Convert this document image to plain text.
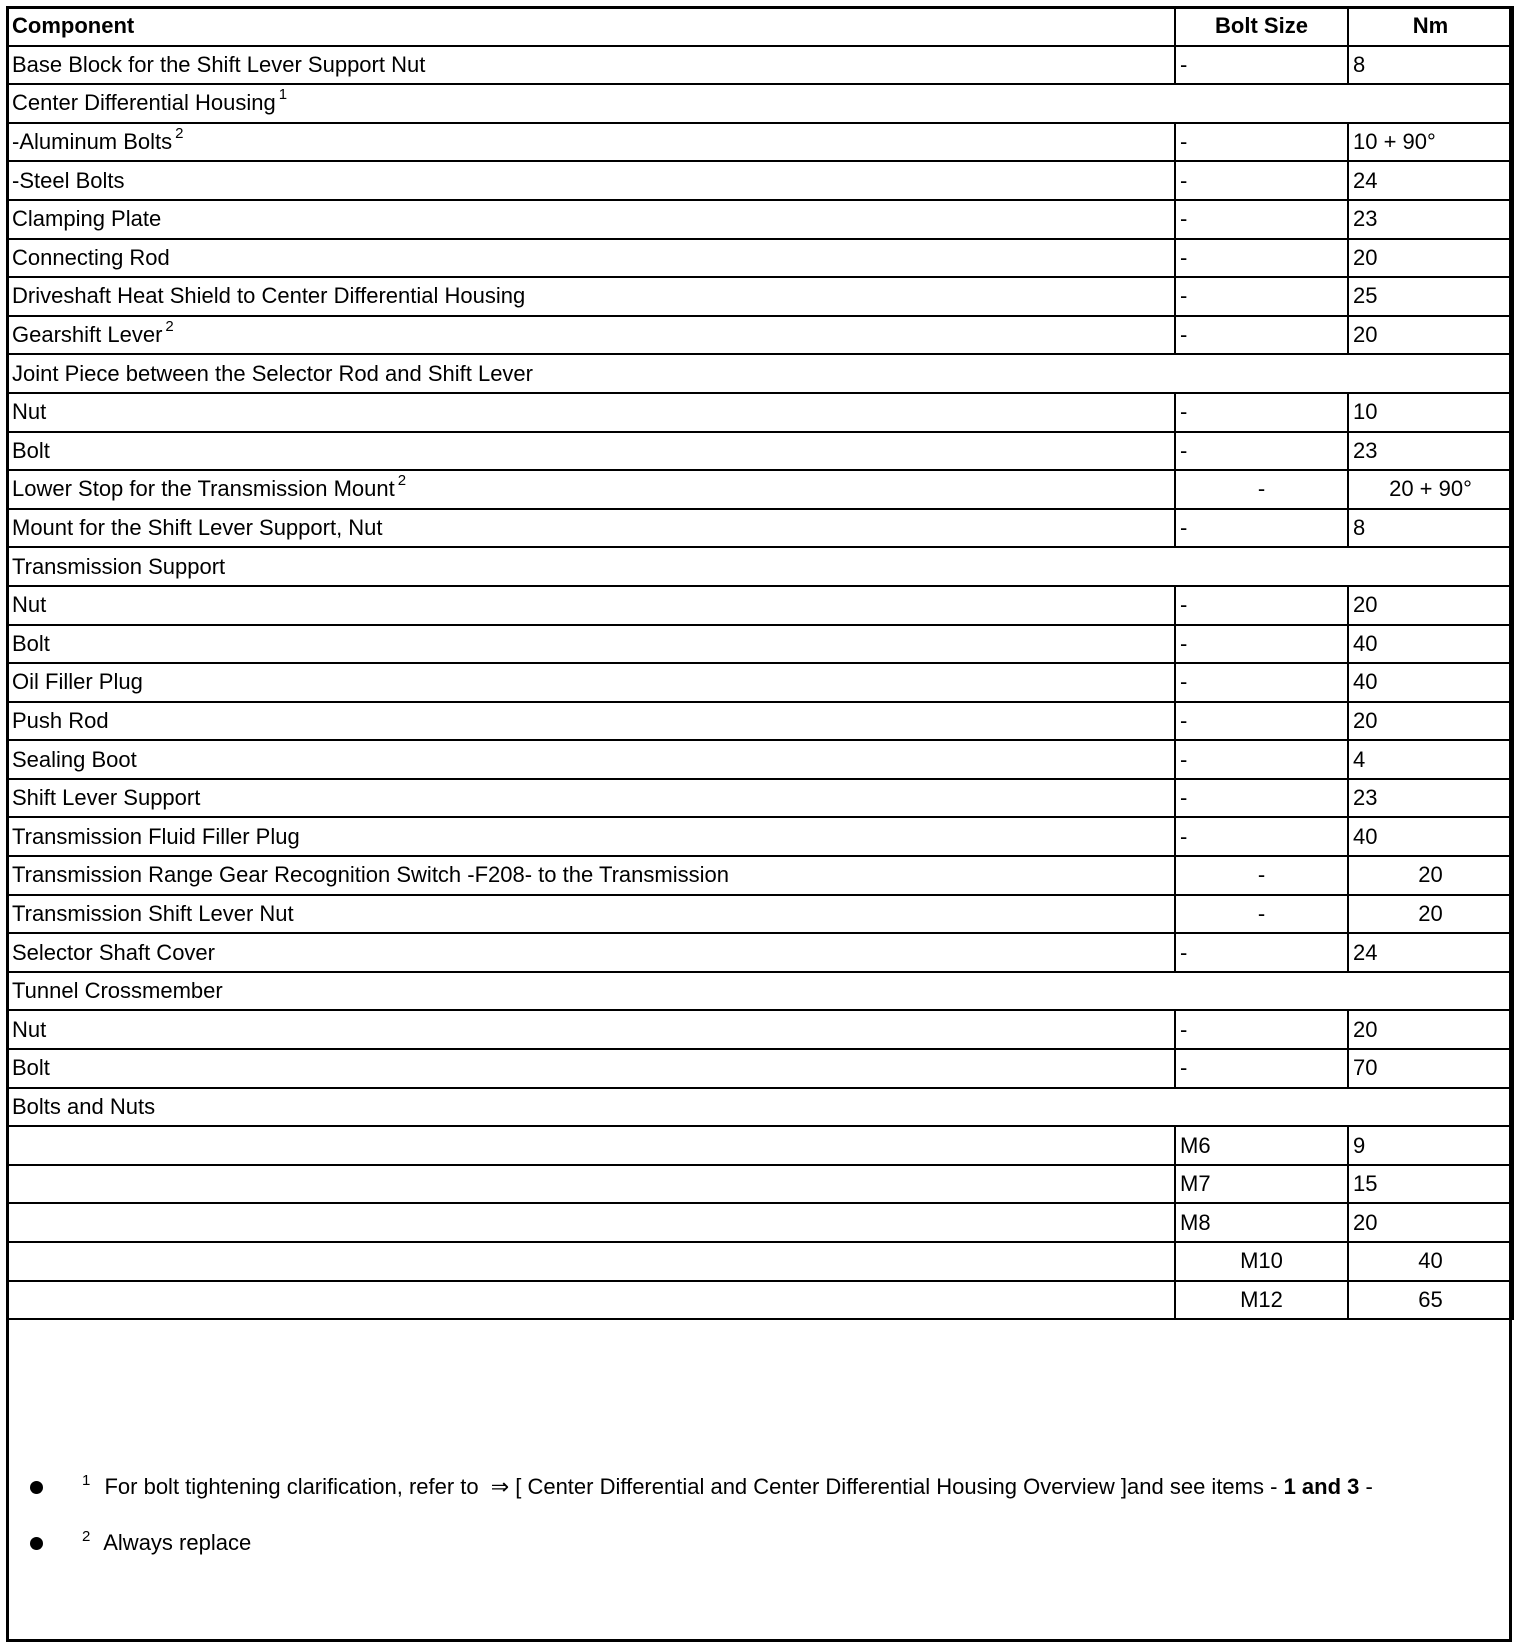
Component	Bolt Size	Nm
Base Block for the Shift Lever Support Nut	-	8
Center Differential Housing $^1$
-Aluminum Bolts $^2$	-	10 + 90°
-Steel Bolts	-	24
Clamping Plate	-	23
Connecting Rod	-	20
Driveshaft Heat Shield to Center Differential Housing	-	25
Gearshift Lever $^2$	-	20
Joint Piece between the Selector Rod and Shift Lever		
Nut	-	10
Bolt	-	23
Lower Stop for the Transmission Mount $^2$	-	20 + 90°
Mount for the Shift Lever Support, Nut	-	8
Transmission Support		
Nut	-	20
Bolt	-	40
Oil Filler Plug	-	40
Push Rod	-	20
Sealing Boot	-	4
Shift Lever Support	-	23
Transmission Fluid Filler Plug	-	40
Transmission Range Gear Recognition Switch -F208- to the Transmission	-	20
Transmission Shift Lever Nut	-	20
Selector Shaft Cover	-	24
Tunnel Crossmember		
Nut	-	20
Bolt	-	70
Bolts and Nuts		
	M6	9
	M7	15
	M8	20
	M10	40
	M12	65
$^1$ For bolt tightening clarification, refer to ⇒ [ Center Differential and Center Differential Housing Overview ]and see items - 1 and 3 -
$^2$ Always replace
